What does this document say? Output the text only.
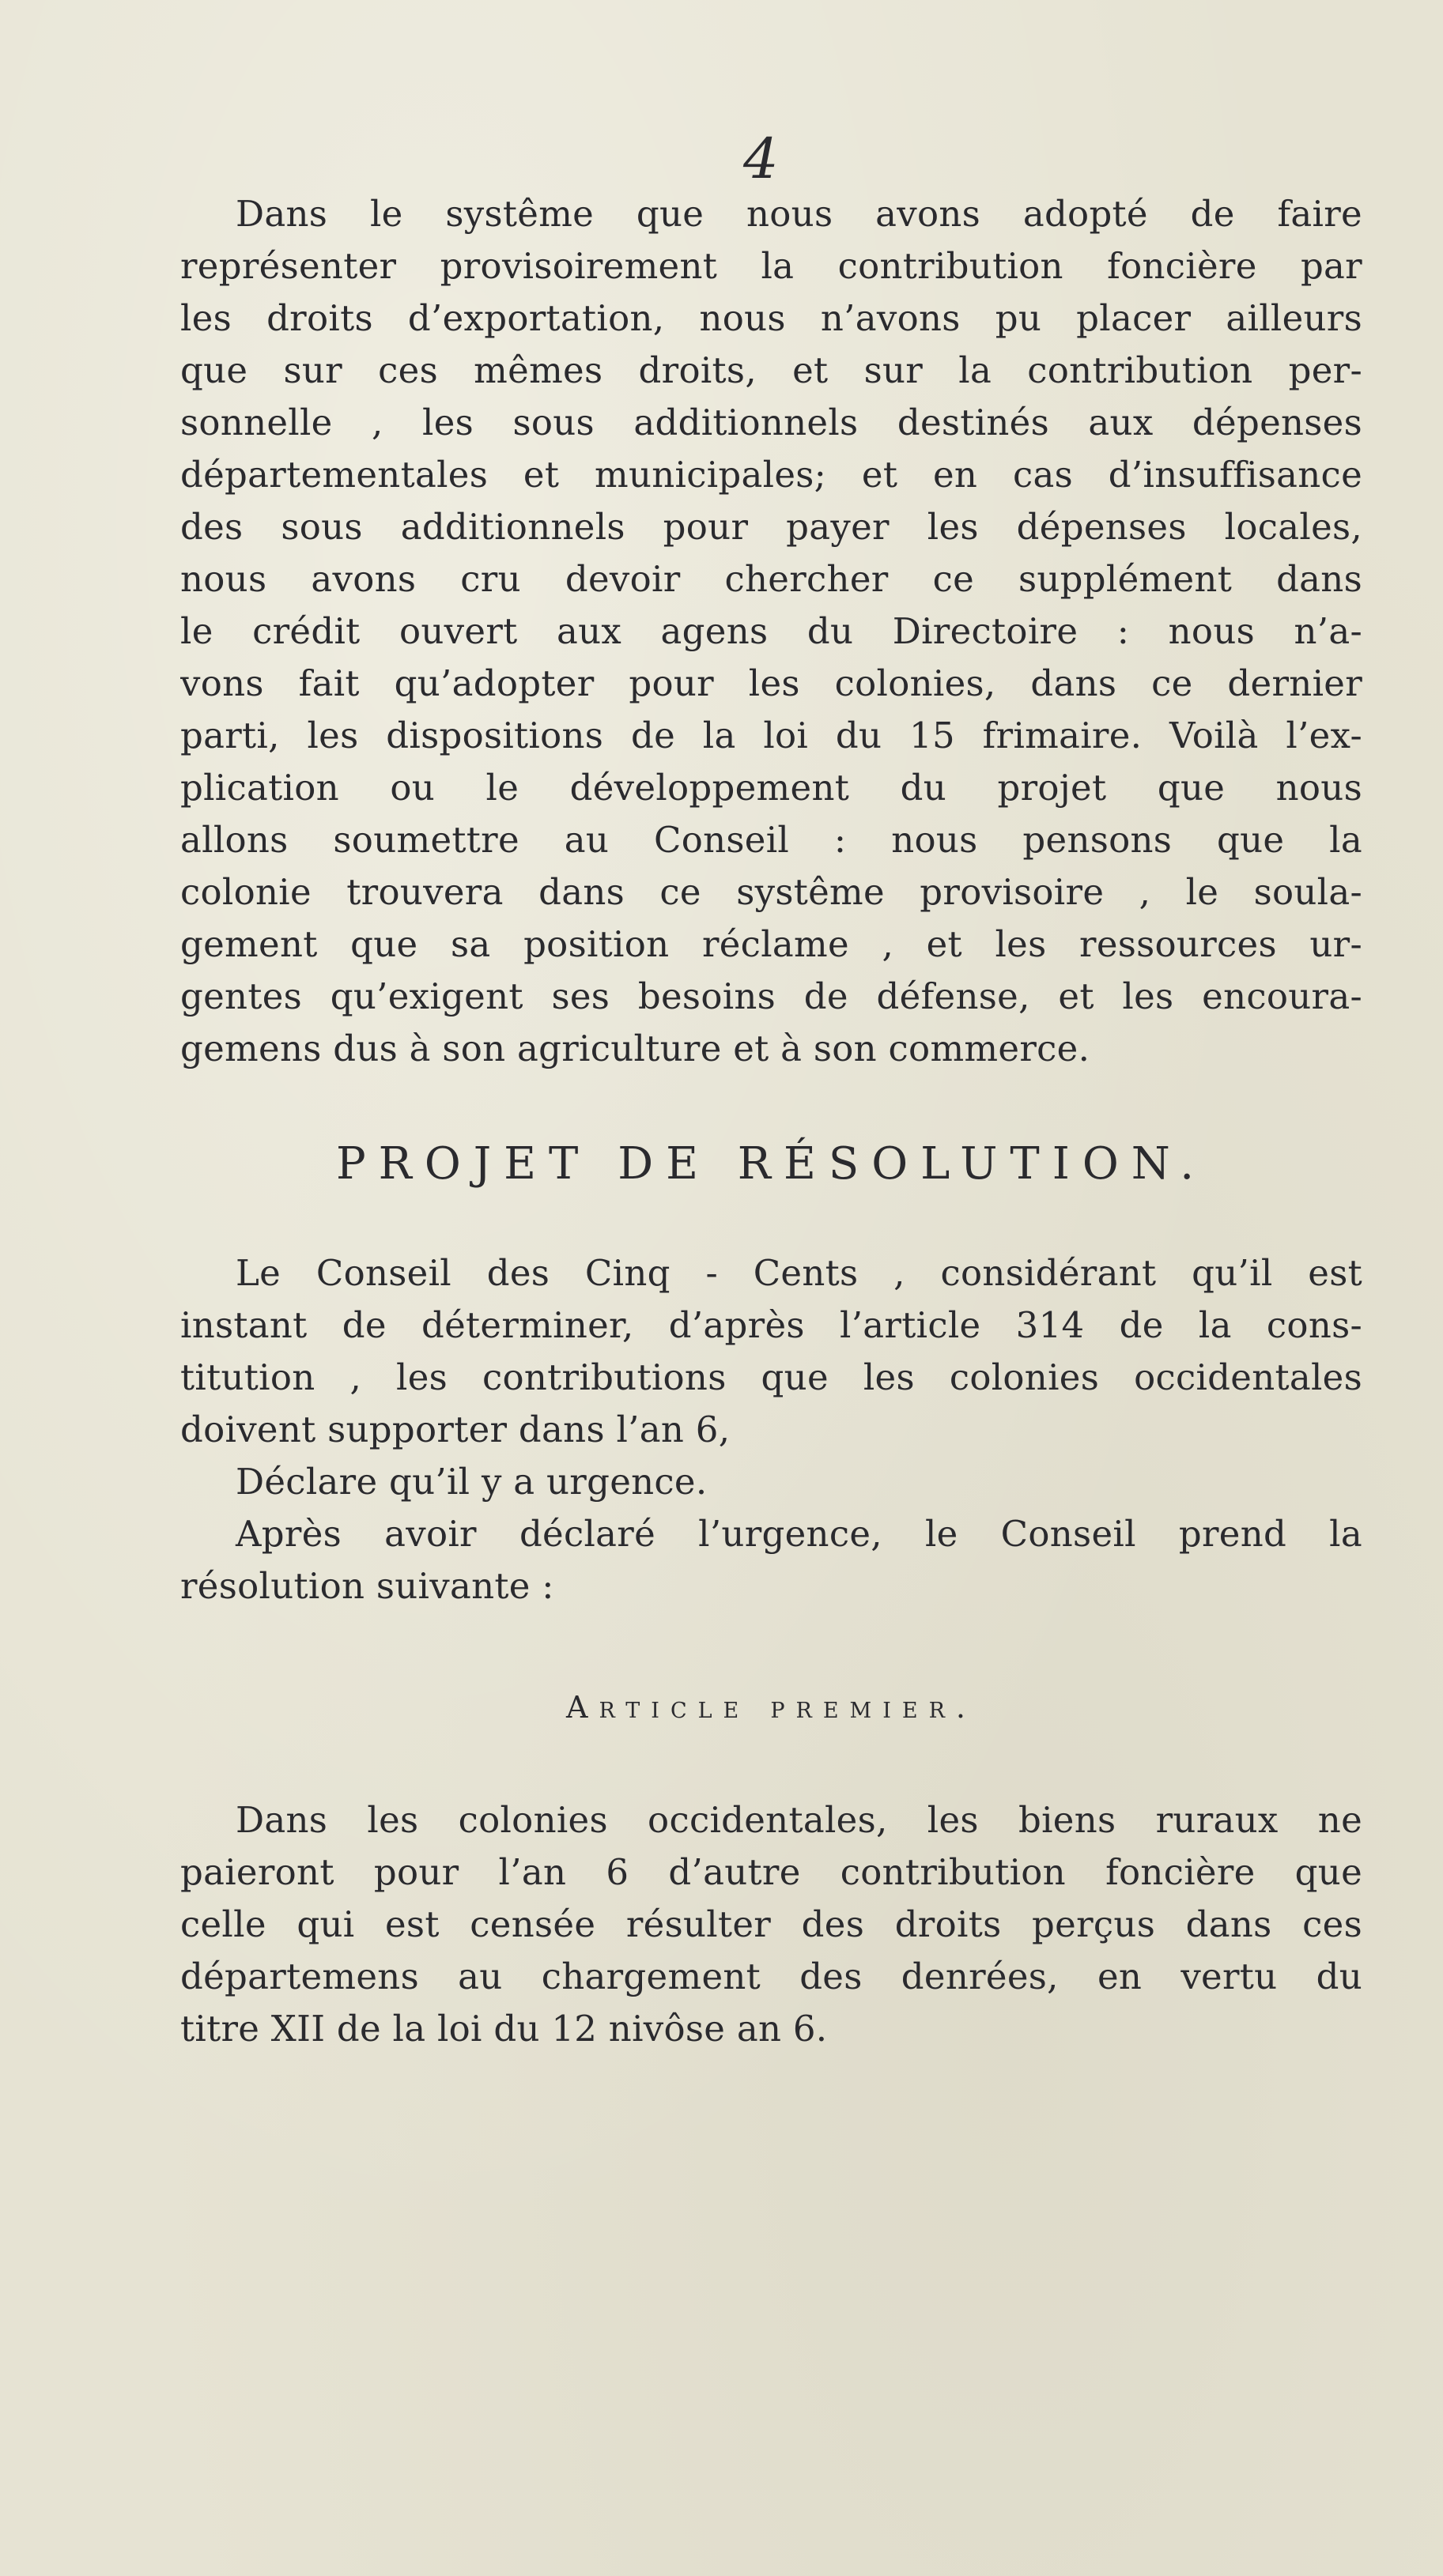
4
Dans le systême que nous avons adopté de faire
représenter provisoirement la contribution foncière par
les droits d’exportation, nous n’avons pu placer ailleurs
que sur ces mêmes droits, et sur la contribution per-
sonnelle , les sous additionnels destinés aux dépenses
départementales et municipales; et en cas d’insuffisance
des sous additionnels pour payer les dépenses locales,
nous avons cru devoir chercher ce supplément dans
le crédit ouvert aux agens du Directoire : nous n’a-
vons fait qu’adopter pour les colonies, dans ce dernier
parti, les dispositions de la loi du 15 frimaire. Voilà l’ex-
plication ou le développement du projet que nous
allons soumettre au Conseil : nous pensons que la
colonie trouvera dans ce systême provisoire , le soula-
gement que sa position réclame , et les ressources ur-
gentes qu’exigent ses besoins de défense, et les encoura-
gemens dus à son agriculture et à son commerce.
PROJET DE RÉSOLUTION.
Le Conseil des Cinq - Cents , considérant qu’il est
instant de déterminer, d’après l’article 314 de la cons-
titution , les contributions que les colonies occidentales
doivent supporter dans l’an 6,
Déclare qu’il y a urgence.
Après avoir déclaré l’urgence, le Conseil prend la
résolution suivante :
Article premier.
Dans les colonies occidentales, les biens ruraux ne
paieront pour l’an 6 d’autre contribution foncière que
celle qui est censée résulter des droits perçus dans ces
départemens au chargement des denrées, en vertu du
titre XII de la loi du 12 nivôse an 6.
